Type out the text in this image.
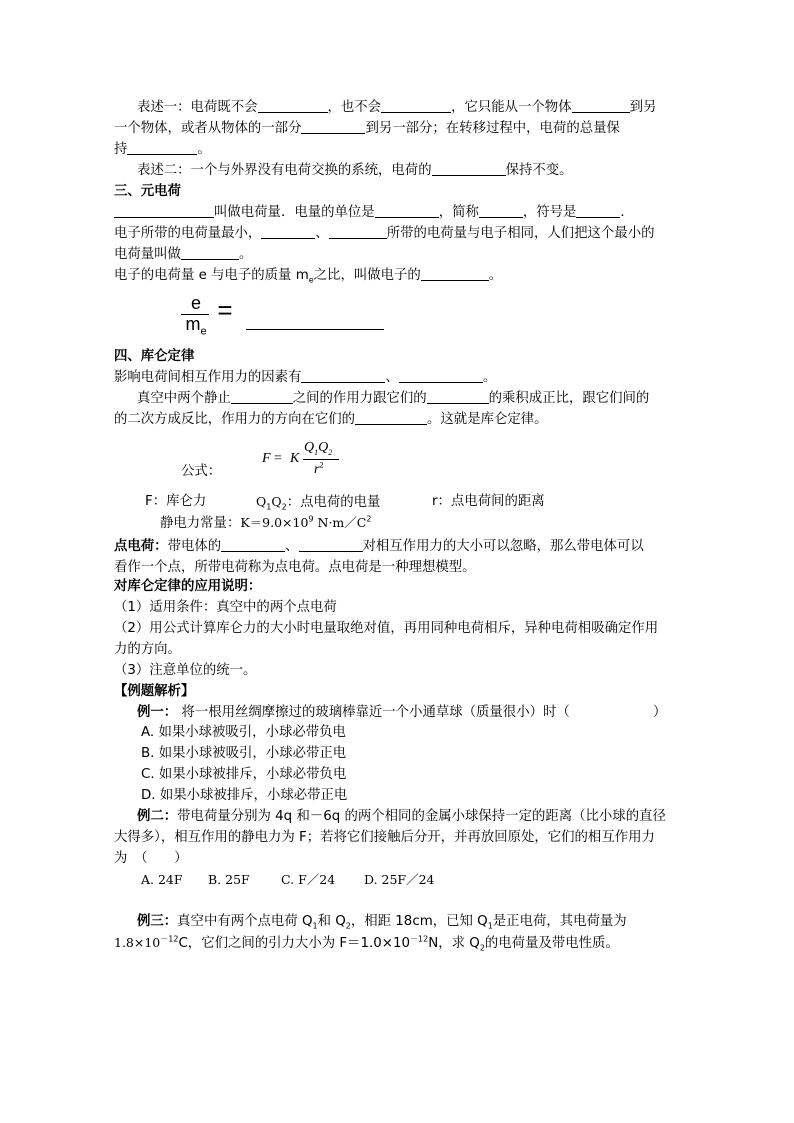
表述一：电荷既不会	，也不会	，它只能从一个物体	到另
一个物体，或者从物体的一部分	到另一部分；在转移过程中，电荷的总量保
持	。
表述二：一个与外界没有电荷交换的系统，电荷的	保持不变。
三、元电荷
叫做电荷量．电量的单位是	，简称	，符号是	．
电子所带的电荷量最小，	、	所带的电荷量与电子相同，人们把这个最小的
电荷量叫做	。
电子的电荷量 e 与电子的质量 $m_e$之比，叫做电子的	。
e
$m_e$
=
四、库仑定律
影响电荷间相互作用力的因素有	、	。
真空中两个静止	之间的作用力跟它们的	的乘积成正比，跟它们间的
的二次方成反比，作用力的方向在它们的	。这就是库仑定律。
公式：
F = K
$Q_1Q_2$
$r^2$
F：库仑力	$Q_1Q_2$：点电荷的电量	r：点电荷间的距离
静电力常量：$K=9.0\times 10^9$ $N\cdot m/C^2$
点电荷：带电体的	、	对相互作用力的大小可以忽略，那么带电体可以
看作一个点，所带电荷称为点电荷。点电荷是一种理想模型。
对库仑定律的应用说明：
（1）适用条件：真空中的两个点电荷
（2）用公式计算库仑力的大小时电量取绝对值，再用同种电荷相斥，异种电荷相吸确定作用
力的方向。
（3）注意单位的统一。
【例题解析】
例一： 将一根用丝绸摩擦过的玻璃棒靠近一个小通草球（质量很小）时（	）
A. 如果小球被吸引，小球必带负电
B. 如果小球被吸引，小球必带正电
C. 如果小球被排斥，小球必带负电
D. 如果小球被排斥，小球必带正电
例二：带电荷量分别为 4q 和－6q 的两个相同的金属小球保持一定的距离（比小球的直径
大得多），相互作用的静电力为 F；若将它们接触后分开，并再放回原处，它们的相互作用力
为　（　　）
A. 24F B. 25F	C. F／24 D. 25F／24
例三：真空中有两个点电荷 $Q_1$和 $Q_2$，相距 18cm，已知 $Q_1$是正电荷，其电荷量为
$1.8\times 10^{-12}C$，它们之间的引力大小为 $F=1.0\times 10^{-12}N$，求 $Q_2$的电荷量及带电性质。
